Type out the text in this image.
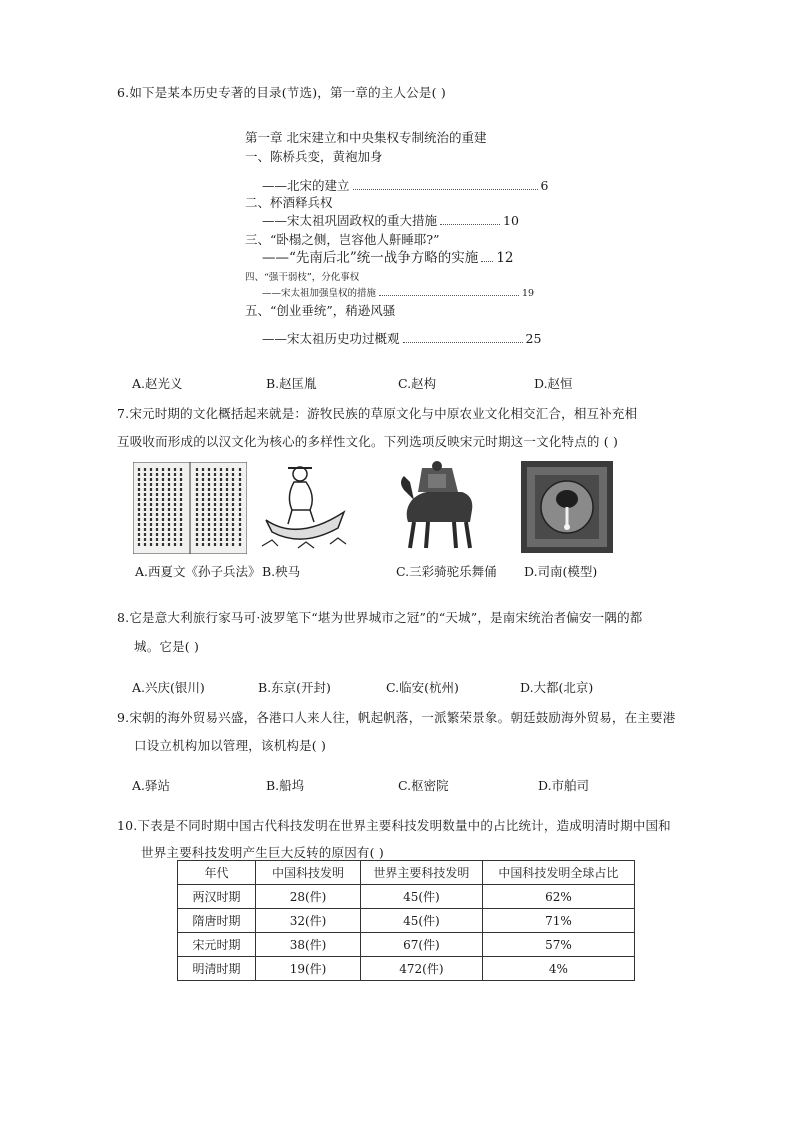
6.如下是某本历史专著的目录(节选)，第一章的主人公是( )
第一章 北宋建立和中央集权专制统治的重建
一、陈桥兵变，黄袍加身
——北宋的建立	6
二、杯酒释兵权
——宋太祖巩固政权的重大措施	10
三、“卧榻之侧，岂容他人鼾睡耶?”
——“先南后北”统一战争方略的实施 12
四、“强干弱枝”，分化事权
——宋太祖加强皇权的措施	19
五、“创业垂统”，稍逊风骚
——宋太祖历史功过概观	25
A.赵光义	B.赵匡胤	C.赵构	D.赵恒
7.宋元时期的文化概括起来就是：游牧民族的草原文化与中原农业文化相交汇合，相互补充相
互吸收而形成的以汉文化为核心的多样性文化。下列选项反映宋元时期这一文化特点的 ( )
A.西夏文《孙子兵法》 B.秧马	C.三彩骑驼乐舞俑 D.司南(模型)
8.它是意大利旅行家马可·波罗笔下“堪为世界城市之冠”的“天城”，是南宋统治者偏安一隅的都
城。它是( )
A.兴庆(银川)	B.东京(开封)	C.临安(杭州)	D.大都(北京)
9.宋朝的海外贸易兴盛，各港口人来人往，帆起帆落，一派繁荣景象。朝廷鼓励海外贸易，在主要港
口设立机构加以管理，该机构是( )
A.驿站	B.船坞	C.枢密院	D.市舶司
10.下表是不同时期中国古代科技发明在世界主要科技发明数量中的占比统计，造成明清时期中国和
世界主要科技发明产生巨大反转的原因有( )
年代	中国科技发明	世界主要科技发明	中国科技发明全球占比
两汉时期	28(件)	45(件)	62%
隋唐时期	32(件)	45(件)	71%
宋元时期	38(件)	67(件)	57%
明清时期	19(件)	472(件)	4%
